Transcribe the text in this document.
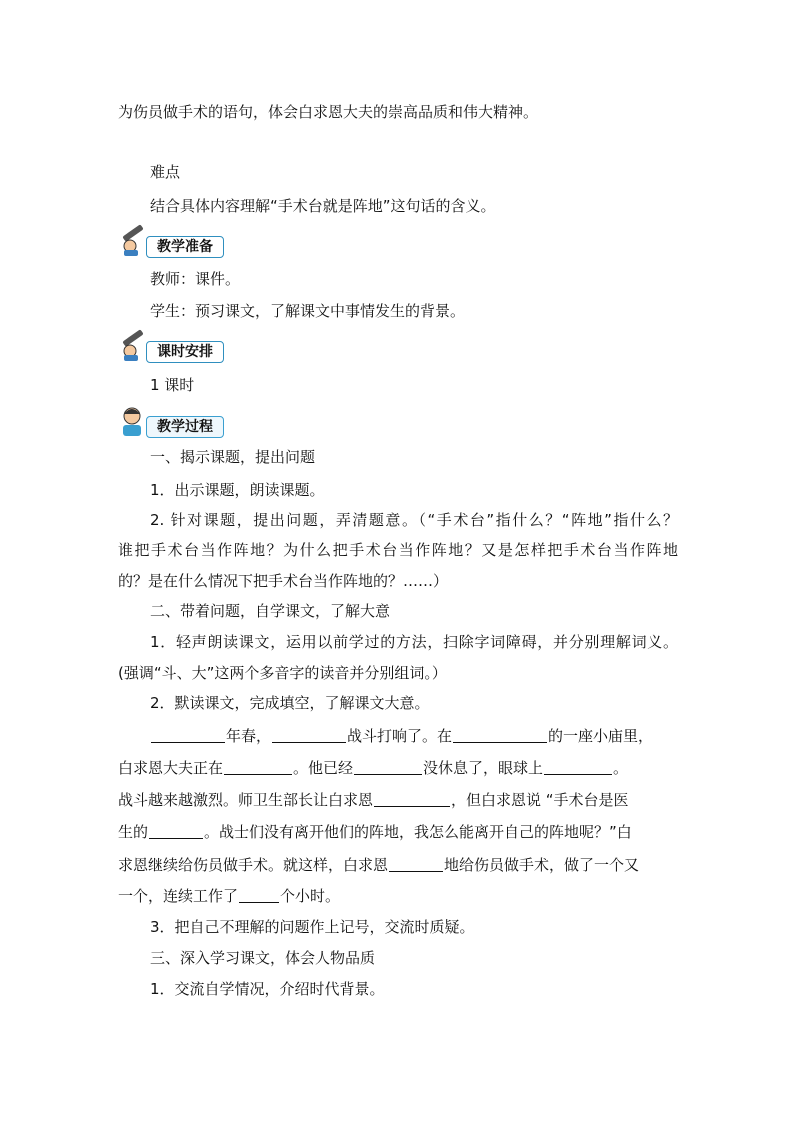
为伤员做手术的语句，体会白求恩大夫的崇高品质和伟大精神。
难点
结合具体内容理解“手术台就是阵地”这句话的含义。
教学准备
教师：课件。
学生：预习课文，了解课文中事情发生的背景。
课时安排
1 课时
教学过程
一、揭示课题，提出问题
1．出示课题，朗读课题。
2. 针对课题，提出问题，弄清题意。（“手术台”指什么？“阵地”指什么？
谁把手术台当作阵地？为什么把手术台当作阵地？又是怎样把手术台当作阵地
的？是在什么情况下把手术台当作阵地的？……）
二、带着问题，自学课文，了解大意
1．轻声朗读课文，运用以前学过的方法，扫除字词障碍，并分别理解词义。
(强调“斗、大”这两个多音字的读音并分别组词。）
2．默读课文，完成填空，了解课文大意。
年春，	战斗打响了。在	的一座小庙里，
白求恩大夫正在	。他已经	没休息了，眼球上	。
战斗越来越激烈。师卫生部长让白求恩	，但白求恩说 “手术台是医
生的	。战士们没有离开他们的阵地，我怎么能离开自己的阵地呢？”白
求恩继续给伤员做手术。就这样，白求恩	地给伤员做手术，做了一个又
一个，连续工作了	个小时。
3．把自己不理解的问题作上记号，交流时质疑。
三、深入学习课文，体会人物品质
1．交流自学情况，介绍时代背景。
